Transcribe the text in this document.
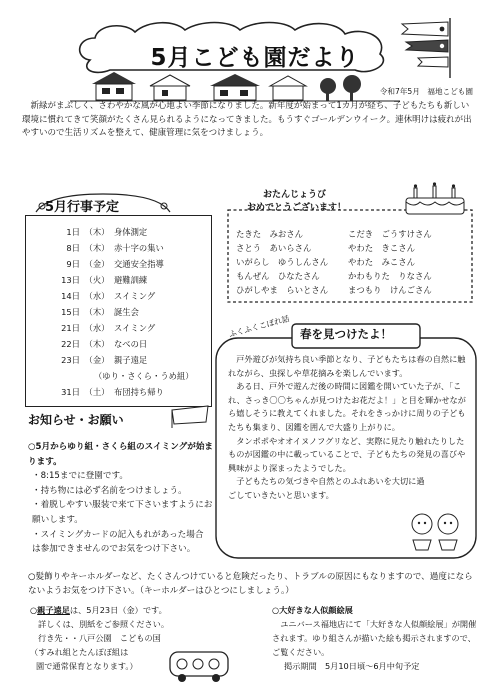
5月こども園だより
令和7年5月　福地こども園

新緑がまぶしく、さわやかな風が心地よい季節になりました。新年度が始まって1カ月が経ち、子どもたちも新しい環境に慣れてきて笑顔がたくさん見られるようになってきました。もうすぐゴールデンウイーク。連休明けは疲れが出やすいので生活リズムを整えて、健康管理に気をつけましょう。

5月行事予定
1日 （木） 身体測定
8日 （木） 赤十字の集い
9日 （金） 交通安全指導
13日 （火） 避難訓練
14日 （水） スイミング
15日 （木） 誕生会
21日 （水） スイミング
22日 （木） なべの日
23日 （金） 親子遠足
（ゆり・さくら・うめ組）
31日 （土） 布団持ち帰り
おたんじょうび
おめでとうございます！
たきた　みおさん	こだき　ごうすけさん
さとう　あいらさん	やわた　きこさん
いがらし　ゆうしんさん やわた　みこさん
もんぜん　ひなたさん	かわもりた　りなさん
ひがしやま　らいとさん まつもり　けんごさん
ふくふくこぼれ話 春を見つけたよ！

戸外遊びが気持ち良い季節となり、子どもたちは春の自然に触れながら、虫探しや草花摘みを楽しんでいます。

ある日、戸外で遊んだ後の時間に図鑑を開いていた子が、「これ、さっき〇〇ちゃんが見つけたお花だよ！」と目を輝かせながら嬉しそうに教えてくれました。それをきっかけに周りの子どもたちも集まり、図鑑を囲んで大盛り上がりに。

タンポポやオオイヌノフグリなど、実際に見たり触れたりしたものが図鑑の中に載っていることで、子どもたちの発見の喜びや興味がより深まったようでした。

子どもたちの気づきや自然とのふれあいを大切に過ごしていきたいと思います。

お知らせ・お願い
○5月からゆり組・さくら組のスイミングが始まります。
・8:15までに登園です。
・持ち物には必ず名前をつけましょう。
・着脱しやすい服装で来て下さいますようにお願いします。
・スイミングカードの記入もれがあった場合は参加できませんのでお気をつけ下さい。
○髪飾りやキーホルダーなど、たくさんつけていると危険だったり、トラブルの原因にもなりますので、過度にならないようお気をつけ下さい。（キーホルダーはひとつにしましょう。）
○親子遠足は、5月23日（金）です。
詳しくは、別紙をご参照ください。
行き先・・八戸公園　こどもの国
（すみれ組とたんぽぽ組は
園で通常保育となります。）
○大好きな人似顔絵展
ユニバース福地店にて「大好きな人似顔絵展」が開催されます。ゆり組さんが描いた絵も掲示されますので、ご覧ください。
掲示期間　5月10日頃〜6月中旬予定
